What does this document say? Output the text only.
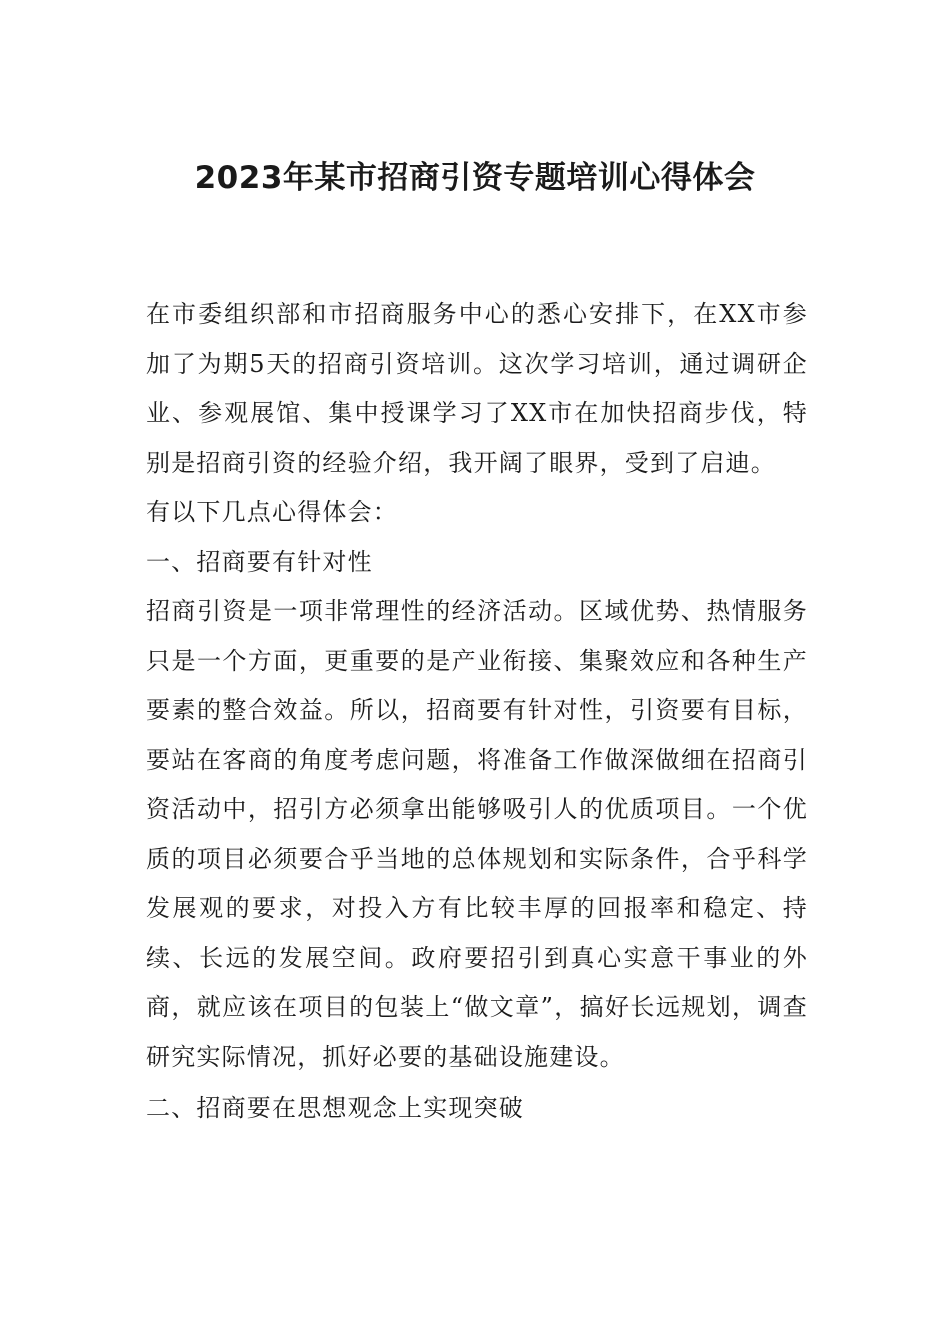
2023年某市招商引资专题培训心得体会

在市委组织部和市招商服务中心的悉心安排下，在XX市参加了为期5天的招商引资培训。这次学习培训，通过调研企业、参观展馆、集中授课学习了XX市在加快招商步伐，特别是招商引资的经验介绍，我开阔了眼界，受到了启迪。

有以下几点心得体会：

一、招商要有针对性

招商引资是一项非常理性的经济活动。区域优势、热情服务只是一个方面，更重要的是产业衔接、集聚效应和各种生产要素的整合效益。所以，招商要有针对性，引资要有目标，要站在客商的角度考虑问题，将准备工作做深做细在招商引资活动中，招引方必须拿出能够吸引人的优质项目。一个优质的项目必须要合乎当地的总体规划和实际条件，合乎科学发展观的要求，对投入方有比较丰厚的回报率和稳定、持续、长远的发展空间。政府要招引到真心实意干事业的外商，就应该在项目的包装上“做文章”，搞好长远规划，调查研究实际情况，抓好必要的基础设施建设。

二、招商要在思想观念上实现突破
